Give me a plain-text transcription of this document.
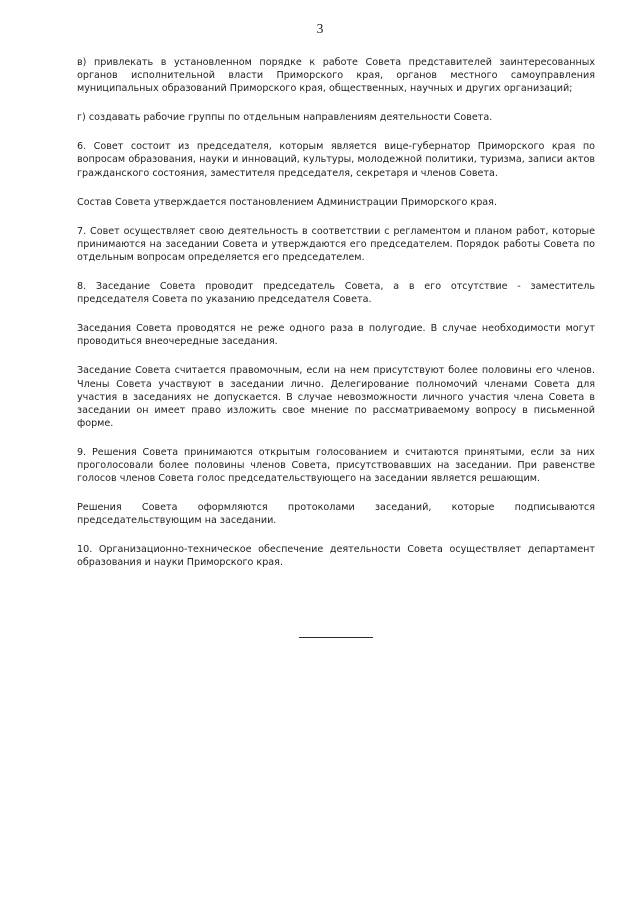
3

в) привлекать в установленном порядке к работе Совета представителей заинтересованных органов исполнительной власти Приморского края, органов местного самоуправления муниципальных образований Приморского края, общественных, научных и других организаций;

г) создавать рабочие группы по отдельным направлениям деятельности Совета.

6. Совет состоит из председателя, которым является вице-губернатор Приморского края по вопросам образования, науки и инноваций, культуры, молодежной политики, туризма, записи актов гражданского состояния, заместителя председателя, секретаря и членов Совета.

Состав Совета утверждается постановлением Администрации Приморского края.

7. Совет осуществляет свою деятельность в соответствии с регламентом и планом работ, которые принимаются на заседании Совета и утверждаются его председателем. Порядок работы Совета по отдельным вопросам определяется его председателем.

8. Заседание Совета проводит председатель Совета, а в его отсутствие - заместитель председателя Совета по указанию председателя Совета.

Заседания Совета проводятся не реже одного раза в полугодие. В случае необходимости могут проводиться внеочередные заседания.

Заседание Совета считается правомочным, если на нем присутствуют более половины его членов. Члены Совета участвуют в заседании лично. Делегирование полномочий членами Совета для участия в заседаниях не допускается. В случае невозможности личного участия члена Совета в заседании он имеет право изложить свое мнение по рассматриваемому вопросу в письменной форме.

9. Решения Совета принимаются открытым голосованием и считаются принятыми, если за них проголосовали более половины членов Совета, присутствовавших на заседании. При равенстве голосов членов Совета голос председательствующего на заседании является решающим.

Решения Совета оформляются протоколами заседаний, которые подписываются председательствующим на заседании.

10. Организационно-техническое обеспечение деятельности Совета осуществляет департамент образования и науки Приморского края.
